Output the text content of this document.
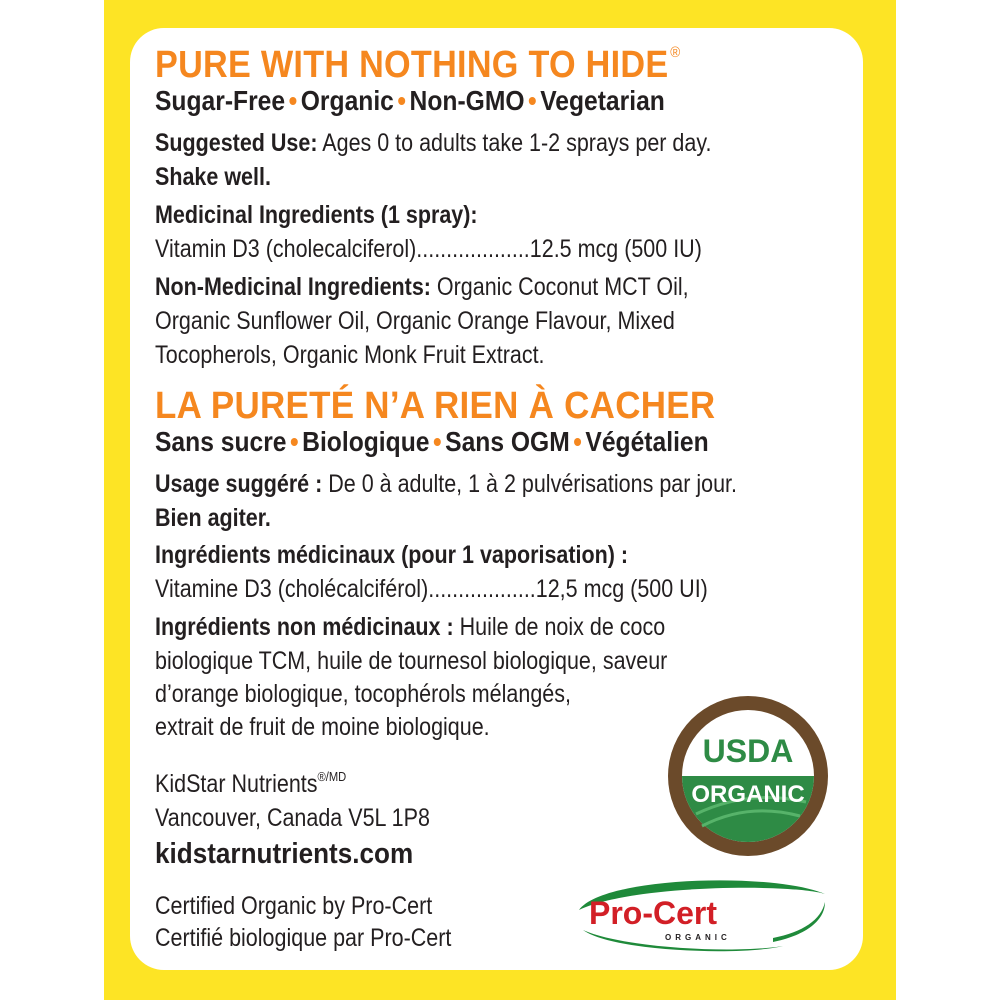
PURE WITH NOTHING TO HIDE ®
Sugar-Free • Organic • Non-GMO • Vegetarian
Suggested Use: Ages 0 to adults take 1-2 sprays per day.
Shake well.
Medicinal Ingredients (1 spray):
Vitamin D3 (cholecalciferol)...................12.5 mcg (500 IU)
Non-Medicinal Ingredients: Organic Coconut MCT Oil,
Organic Sunflower Oil, Organic Orange Flavour, Mixed
Tocopherols, Organic Monk Fruit Extract.
LA PURETÉ N’A RIEN À CACHER
Sans sucre • Biologique • Sans OGM • Végétalien
Usage suggéré : De 0 à adulte, 1 à 2 pulvérisations par jour.
Bien agiter.
Ingrédients médicinaux (pour 1 vaporisation) :
Vitamine D3 (cholécalciférol)..................12,5 mcg (500 UI)
Ingrédients non médicinaux : Huile de noix de coco
biologique TCM, huile de tournesol biologique, saveur
d’orange biologique, tocophérols mélangés,
extrait de fruit de moine biologique.
KidStar Nutrients$^{®/MD}$
Vancouver, Canada V5L 1P8
kidstarnutrients.com
Certified Organic by Pro-Cert
Certifié biologique par Pro-Cert
USDA
ORGANIC
Pro-Cert
ORGANIC
